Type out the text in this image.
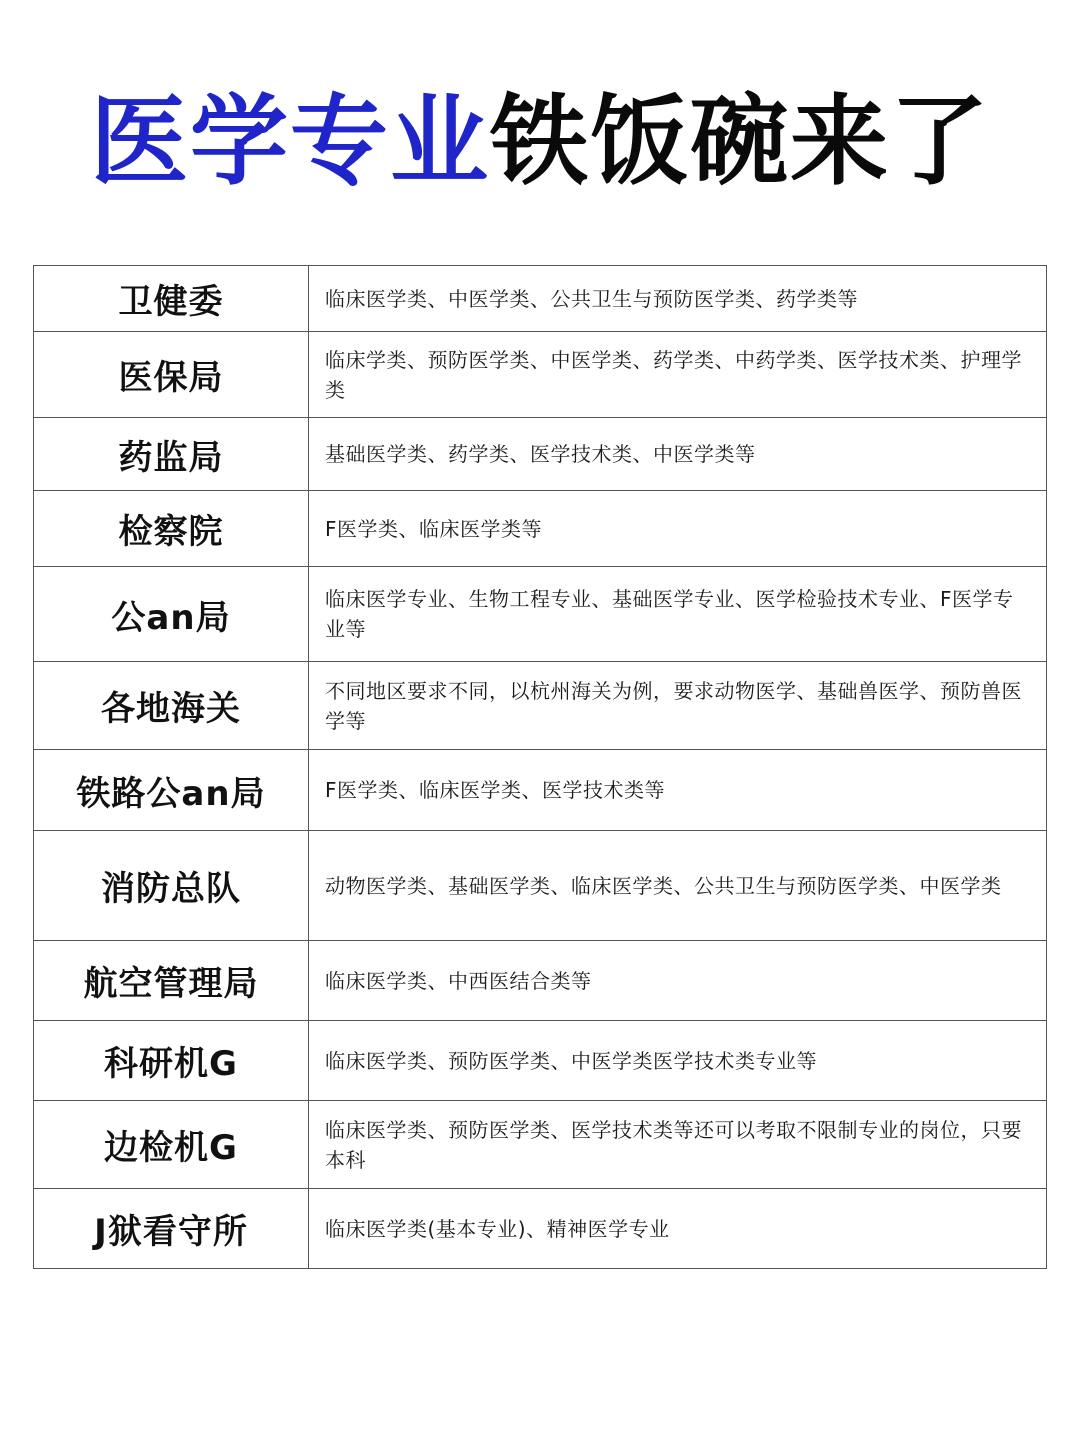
医学专业铁饭碗来了
卫健委	临床医学类、中医学类、公共卫生与预防医学类、药学类等
医保局	临床学类、预防医学类、中医学类、药学类、中药学类、医学技术类、护理学类
药监局	基础医学类、药学类、医学技术类、中医学类等
检察院	F医学类、临床医学类等
公an局	临床医学专业、生物工程专业、基础医学专业、医学检验技术专业、F医学专业等
各地海关	不同地区要求不同，以杭州海关为例，要求动物医学、基础兽医学、预防兽医学等
铁路公an局	F医学类、临床医学类、医学技术类等
消防总队	动物医学类、基础医学类、临床医学类、公共卫生与预防医学类、中医学类
航空管理局	临床医学类、中西医结合类等
科研机G	临床医学类、预防医学类、中医学类医学技术类专业等
边检机G	临床医学类、预防医学类、医学技术类等还可以考取不限制专业的岗位，只要本科
J狱看守所	临床医学类(基本专业)、精神医学专业
